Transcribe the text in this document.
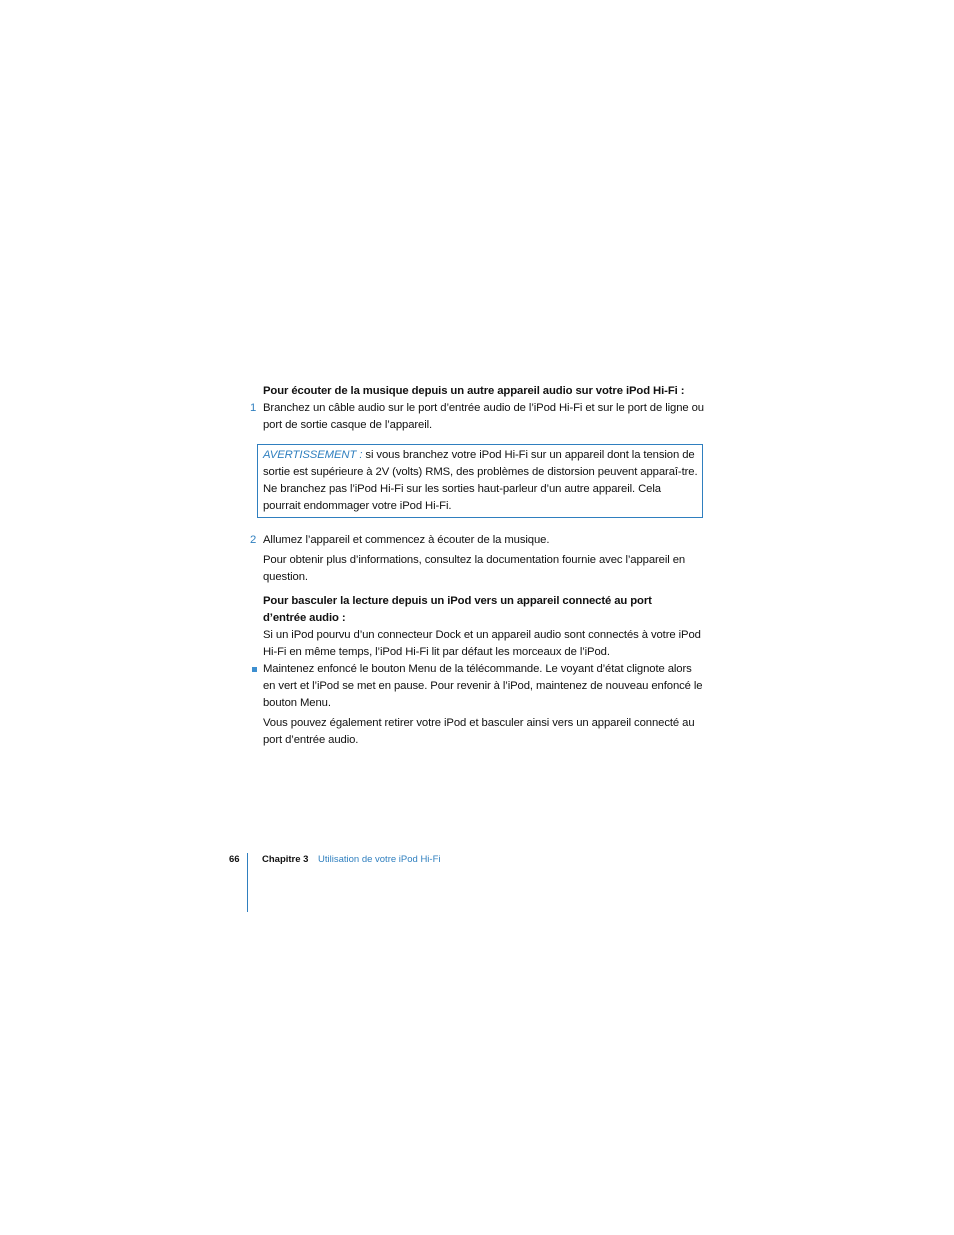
Pour écouter de la musique depuis un autre appareil audio sur votre iPod Hi-Fi :

1 Branchez un câble audio sur le port d’entrée audio de l’iPod Hi-Fi et sur le port de ligne ou port de sortie casque de l’appareil.
AVERTISSEMENT : si vous branchez votre iPod Hi-Fi sur un appareil dont la tension de sortie est supérieure à 2V (volts) RMS, des problèmes de distorsion peuvent apparaî-tre. Ne branchez pas l’iPod Hi-Fi sur les sorties haut-parleur d’un autre appareil. Cela pourrait endommager votre iPod Hi-Fi.
2 Allumez l’appareil et commencez à écouter de la musique.

Pour obtenir plus d’informations, consultez la documentation fournie avec l’appareil en question.

Pour basculer la lecture depuis un iPod vers un appareil connecté au port d’entrée audio :

Si un iPod pourvu d’un connecteur Dock et un appareil audio sont connectés à votre iPod Hi-Fi en même temps, l’iPod Hi-Fi lit par défaut les morceaux de l’iPod.

Maintenez enfoncé le bouton Menu de la télécommande. Le voyant d’état clignote alors en vert et l’iPod se met en pause. Pour revenir à l’iPod, maintenez de nouveau enfoncé le bouton Menu.

Vous pouvez également retirer votre iPod et basculer ainsi vers un appareil connecté au port d’entrée audio.

66 Chapitre 3 Utilisation de votre iPod Hi-Fi
